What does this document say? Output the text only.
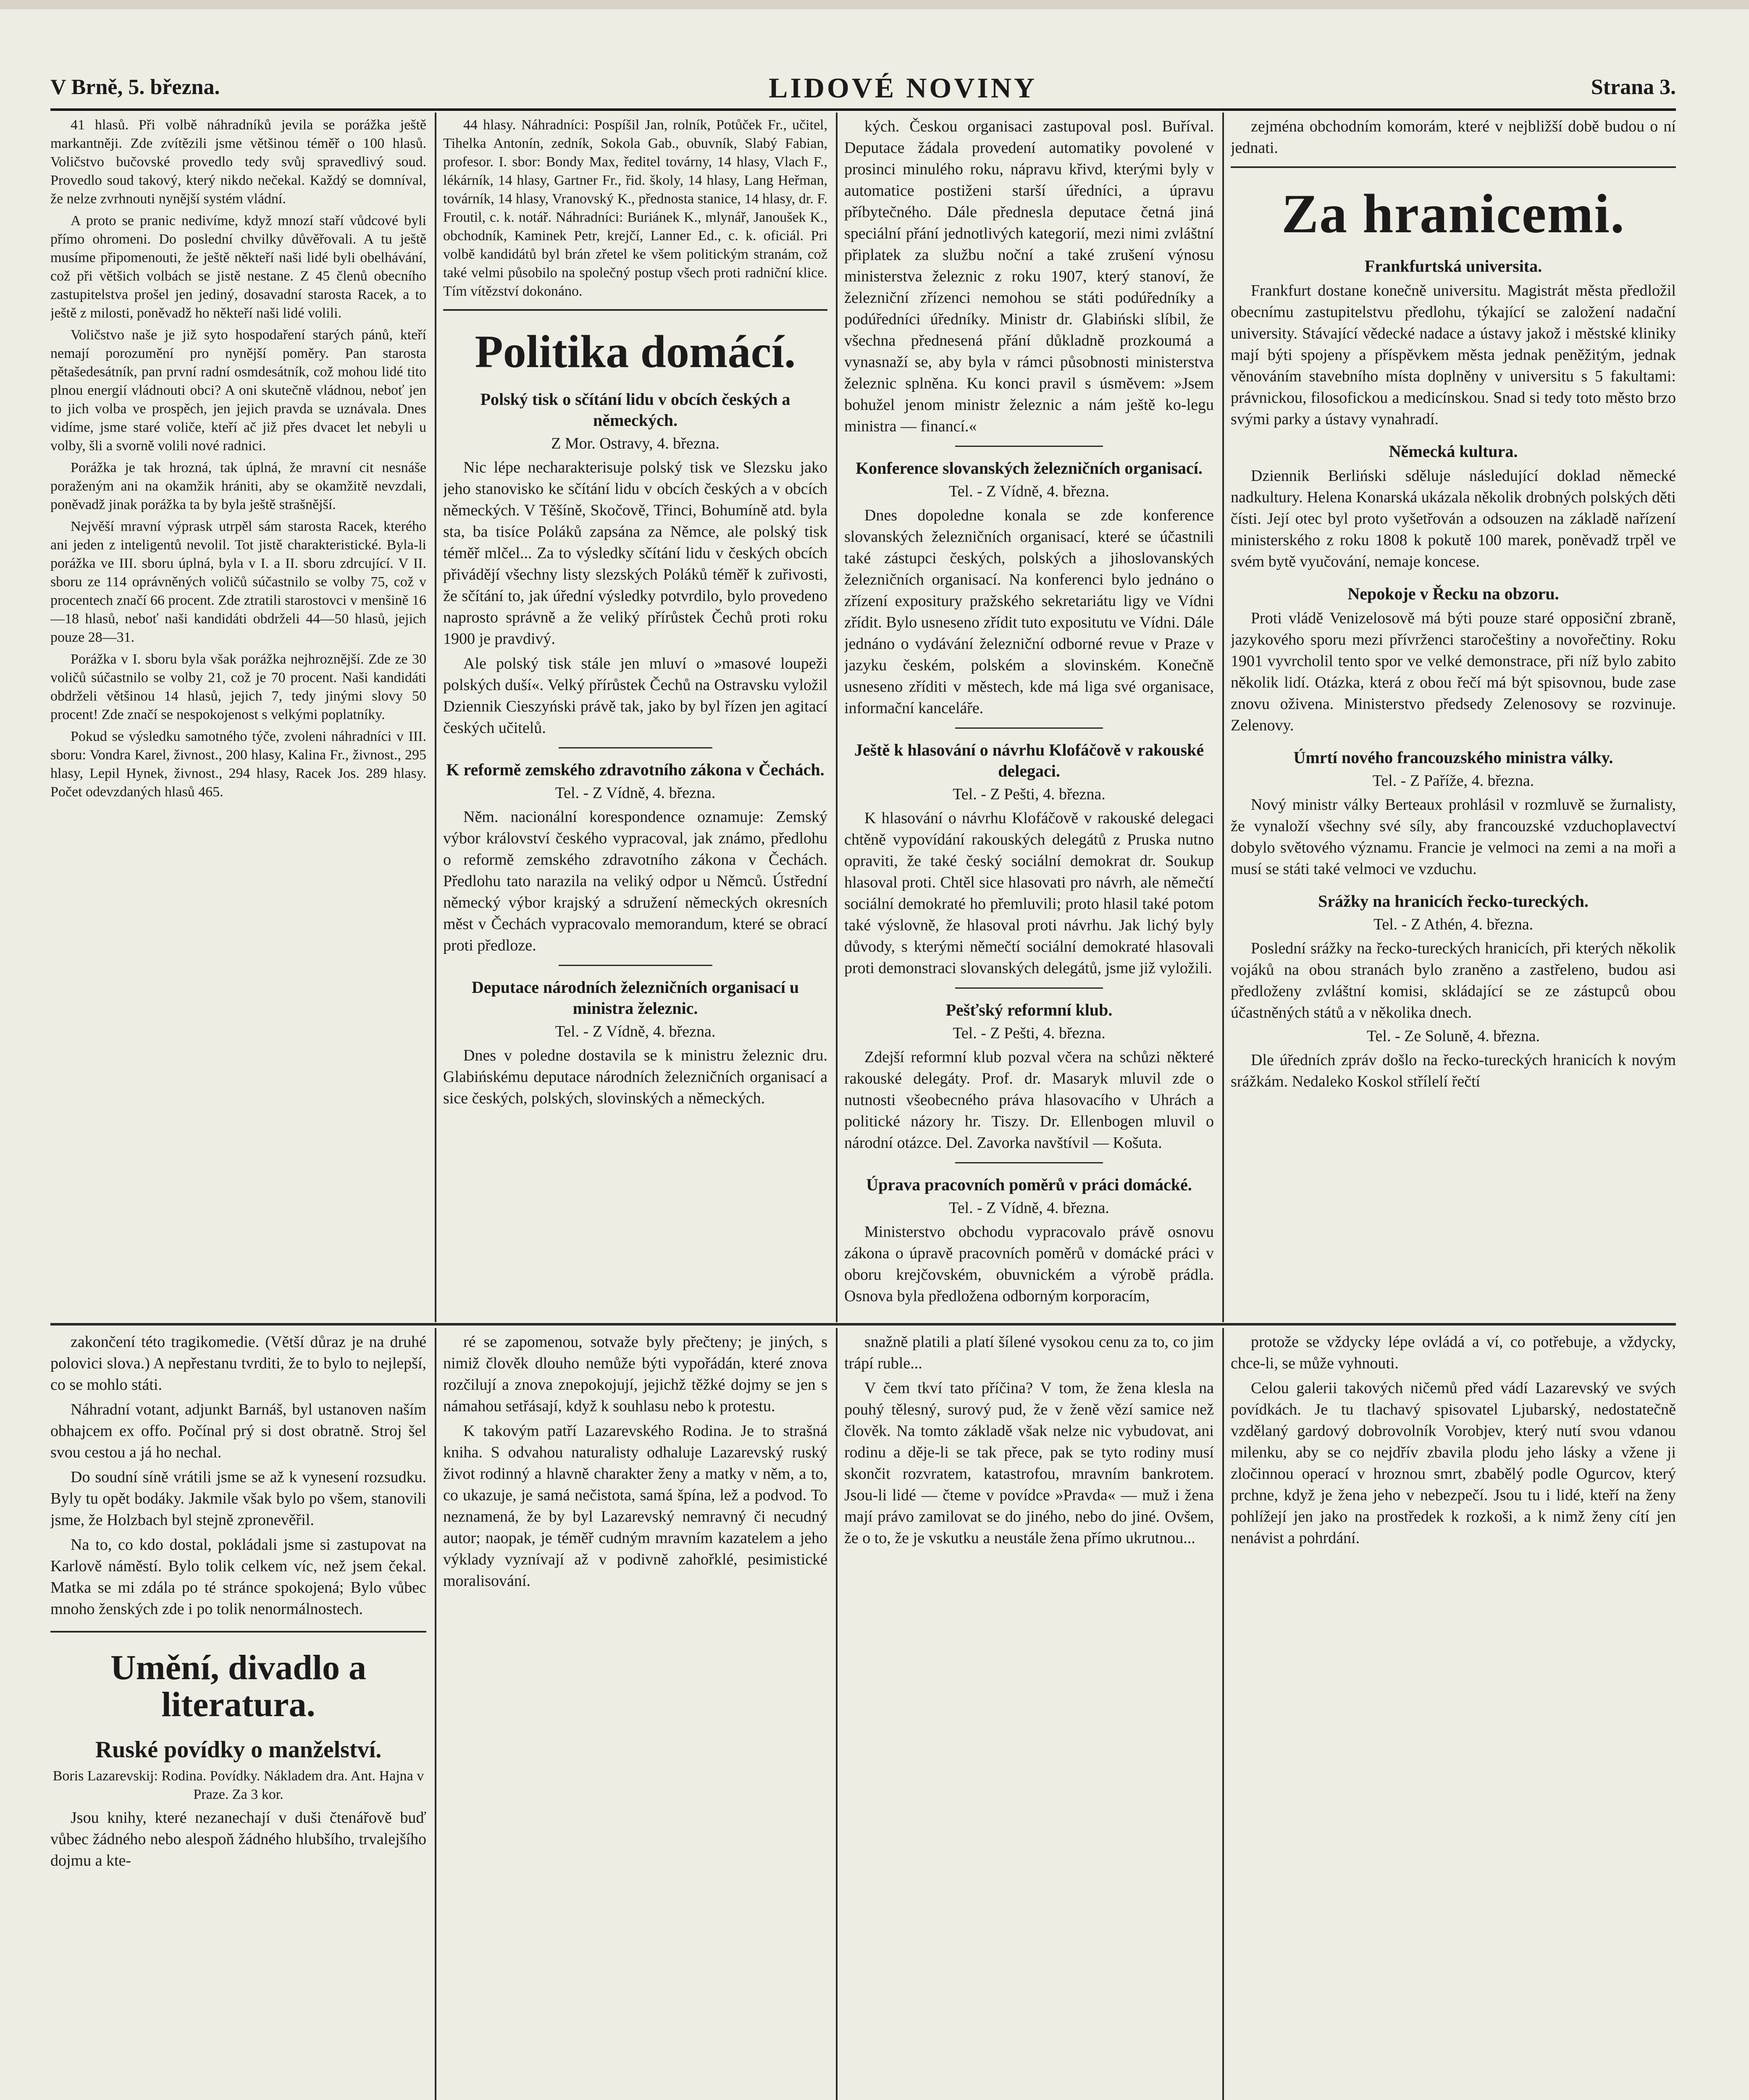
V Brně, 5. března.	LIDOVÉ NOVINY	Strana 3.

41 hlasů. Při volbě náhradníků jevila se porážka ještě markantněji. Zde zvítězili jsme většinou téměř o 100 hlasů. Voličstvo bučovské provedlo tedy svůj spravedlivý soud. Provedlo soud takový, který nikdo nečekal. Každý se domníval, že nelze zvrhnouti nynější systém vládní.

A proto se pranic nedivíme, když mnozí staří vůdcové byli přímo ohromeni. Do poslední chvilky důvěřovali. A tu ještě musíme připomenouti, že ještě někteří naši lidé byli obelhávání, což při většich volbách se jistě nestane. Z 45 členů obecního zastupitelstva prošel jen jediný, dosavadní starosta Racek, a to ještě z milosti, poněvadž ho někteří naši lidé volili.

Voličstvo naše je již syto hospodaření starých pánů, kteří nemají porozumění pro nynější poměry. Pan starosta pětašedesátník, pan první radní osmdesátník, což mohou lidé tito plnou energií vládnouti obci? A oni skutečně vládnou, neboť jen to jich volba ve prospěch, jen jejich pravda se uznávala. Dnes vidíme, jsme staré voliče, kteří ač již přes dvacet let nebyli u volby, šli a svorně volili nové radnici.

Porážka je tak hrozná, tak úplná, že mravní cit nesnáše poraženým ani na okamžik hrániti, aby se okamžitě nevzdali, poněvadž jinak porážka ta by byla ještě strašnější.

Nejvěší mravní výprask utrpěl sám starosta Racek, kterého ani jeden z inteligentů nevolil. Tot jistě charakteristické. Byla-li porážka ve III. sboru úplná, byla v I. a II. sboru zdrcující. V II. sboru ze 114 oprávněných voličů súčastnilo se volby 75, což v procentech značí 66 procent. Zde ztratili starostovci v menšině 16—18 hlasů, neboť naši kandidáti obdrželi 44—50 hlasů, jejich pouze 28—31.

Porážka v I. sboru byla však porážka nejhroznější. Zde ze 30 voličů súčastnilo se volby 21, což je 70 procent. Naši kandidáti obdrželi většinou 14 hlasů, jejich 7, tedy jinými slovy 50 procent! Zde značí se nespokojenost s velkými poplatníky.

Pokud se výsledku samotného týče, zvoleni náhradníci v III. sboru: Vondra Karel, živnost., 200 hlasy, Kalina Fr., živnost., 295 hlasy, Lepil Hynek, živnost., 294 hlasy, Racek Jos. 289 hlasy. Počet odevzdaných hlasů 465.

44 hlasy. Náhradníci: Pospíšil Jan, rolník, Potůček Fr., učitel, Tihelka Antonín, zedník, Sokola Gab., obuvník, Slabý Fabian, profesor. I. sbor: Bondy Max, ředitel továrny, 14 hlasy, Vlach F., lékárník, 14 hlasy, Gartner Fr., řid. školy, 14 hlasy, Lang Heřman, továrník, 14 hlasy, Vranovský K., přednosta stanice, 14 hlasy, dr. F. Froutil, c. k. notář. Náhradníci: Buriánek K., mlynář, Janoušek K., obchodník, Kaminek Petr, krejčí, Lanner Ed., c. k. oficiál. Pri volbě kandidátů byl brán zřetel ke všem politickým stranám, což také velmi působilo na společný postup všech proti radniční klice. Tím vítězství dokonáno.

Politika domácí.
Polský tisk o sčítání lidu v obcích českých a německých.
Z Mor. Ostravy, 4. března.

Nic lépe necharakterisuje polský tisk ve Slezsku jako jeho stanovisko ke sčítání lidu v obcích českých a v obcích německých. V Těšíně, Skočově, Třinci, Bohumíně atd. byla sta, ba tisíce Poláků zapsána za Němce, ale polský tisk téměř mlčel... Za to výsledky sčítání lidu v českých obcích přivádějí všechny listy slezských Poláků téměř k zuřivosti, že sčítání to, jak úřední výsledky potvrdilo, bylo provedeno naprosto správně a že veliký přírůstek Čechů proti roku 1900 je pravdivý.

Ale polský tisk stále jen mluví o »masové loupeži polských duší«. Velký přírůstek Čechů na Ostravsku vyložil Dziennik Cieszyński právě tak, jako by byl řízen jen agitací českých učitelů.

K reformě zemského zdravotního zákona v Čechách.
Tel. - Z Vídně, 4. března.

Něm. nacionální korespondence oznamuje: Zemský výbor království českého vypracoval, jak známo, předlohu o reformě zemského zdravotního zákona v Čechách. Předlohu tato narazila na veliký odpor u Němců. Ústřední německý výbor krajský a sdružení německých okresních měst v Čechách vypracovalo memorandum, které se obrací proti předloze.

Deputace národních železničních organisací u ministra železnic.
Tel. - Z Vídně, 4. března.

Dnes v poledne dostavila se k ministru železnic dru. Glabińskému deputace národních železničních organisací a sice českých, polských, slovinských a německých.

kých. Českou organisaci zastupoval posl. Buříval. Deputace žádala provedení automatiky povolené v prosinci minulého roku, nápravu křivd, kterými byly v automatice postiženi starší úředníci, a úpravu příbytečného. Dále přednesla deputace četná jiná speciální přání jednotlivých kategorií, mezi nimi zvláštní připlatek za službu noční a také zrušení výnosu ministerstva železnic z roku 1907, který stanoví, že železniční zřízenci nemohou se státi podúředníky a podúředníci úředníky. Ministr dr. Glabiński slíbil, že všechna přednesená přání důkladně prozkoumá a vynasnaží se, aby byla v rámci působnosti ministerstva železnic splněna. Ku konci pravil s úsměvem: »Jsem bohužel jenom ministr železnic a nám ještě ko-legu ministra — financí.«

Konference slovanských železničních organisací.
Tel. - Z Vídně, 4. března.

Dnes dopoledne konala se zde konference slovanských železničních organisací, které se účastnili také zástupci českých, polských a jihoslovanských železničních organisací. Na konferenci bylo jednáno o zřízení expositury pražského sekretariátu ligy ve Vídni zřídit. Bylo usneseno zřídit tuto expositutu ve Vídni. Dále jednáno o vydávání železniční odborné revue v Praze v jazyku českém, polském a slovinském. Konečně usneseno zříditi v městech, kde má liga své organisace, informační kanceláře.

Ještě k hlasování o návrhu Klofáčově v rakouské delegaci.
Tel. - Z Pešti, 4. března.

K hlasování o návrhu Klofáčově v rakouské delegaci chtěně vypovídání rakouských delegátů z Pruska nutno opraviti, že také český sociální demokrat dr. Soukup hlasoval proti. Chtěl sice hlasovati pro návrh, ale němečtí sociální demokraté ho přemluvili; proto hlasil také potom také výslovně, že hlasoval proti návrhu. Jak lichý byly důvody, s kterými němečtí sociální demokraté hlasovali proti demonstraci slovanských delegátů, jsme již vyložili.

Pešťský reformní klub.
Tel. - Z Pešti, 4. března.

Zdejší reformní klub pozval včera na schůzi některé rakouské delegáty. Prof. dr. Masaryk mluvil zde o nutnosti všeobecného práva hlasovacího v Uhrách a politické názory hr. Tiszy. Dr. Ellenbogen mluvil o národní otázce. Del. Zavorka navštívil — Košuta.

Úprava pracovních poměrů v práci domácké.
Tel. - Z Vídně, 4. března.

Ministerstvo obchodu vypracovalo právě osnovu zákona o úpravě pracovních poměrů v domácké práci v oboru krejčovském, obuvnickém a výrobě prádla. Osnova byla předložena odborným korporacím,

zejména obchodním komorám, které v nejbližší době budou o ní jednati.

Za hranicemi.
Frankfurtská universita.

Frankfurt dostane konečně universitu. Magistrát města předložil obecnímu zastupitelstvu předlohu, týkající se založení nadační university. Stávající vědecké nadace a ústavy jakož i městské kliniky mají býti spojeny a příspěvkem města jednak peněžitým, jednak věnováním stavebního místa doplněny v universitu s 5 fakultami: právnickou, filosofickou a medicínskou. Snad si tedy toto město brzo svými parky a ústavy vynahradí.

Německá kultura.

Dziennik Berliński sděluje následující doklad německé nadkultury. Helena Konarská ukázala několik drobných polských děti čísti. Její otec byl proto vyšetřován a odsouzen na základě nařízení ministerského z roku 1808 k pokutě 100 marek, poněvadž trpěl ve svém bytě vyučování, nemaje koncese.

Nepokoje v Řecku na obzoru.

Proti vládě Venizelosově má býti pouze staré opposiční zbraně, jazykového sporu mezi přívrženci staročeštiny a novořečtiny. Roku 1901 vyvrcholil tento spor ve velké demonstrace, při níž bylo zabito několik lidí. Otázka, která z obou řečí má být spisovnou, bude zase znovu oživena. Ministerstvo předsedy Zelenosovy se rozvinuje. Zelenovy.

Úmrtí nového francouzského ministra války.
Tel. - Z Paříže, 4. března.

Nový ministr války Berteaux prohlásil v rozmluvě se žurnalisty, že vynaloží všechny své síly, aby francouzské vzduchoplavectví dobylo světového významu. Francie je velmoci na zemi a na moři a musí se státi také velmoci ve vzduchu.

Srážky na hranicích řecko-tureckých.
Tel. - Z Athén, 4. března.

Poslední srážky na řecko-tureckých hranicích, při kterých několik vojáků na obou stranách bylo zraněno a zastřeleno, budou asi předloženy zvláštní komisi, skládající se ze zástupců obou účastněných států a v několika dnech.

Tel. - Ze Soluně, 4. března.

Dle úředních zpráv došlo na řecko-tureckých hranicích k novým srážkám. Nedaleko Koskol střílelí řečtí

zakončení této tragikomedie. (Větší důraz je na druhé polovici slova.) A nepřestanu tvrditi, že to bylo to nejlepší, co se mohlo státi.

Náhradní votant, adjunkt Barnáš, byl ustanoven naším obhajcem ex offo. Počínal prý si dost obratně. Stroj šel svou cestou a já ho nechal.

Do soudní síně vrátili jsme se až k vynesení rozsudku. Byly tu opět bodáky. Jakmile však bylo po všem, stanovili jsme, že Holzbach byl stejně zpronevěřil.

Na to, co kdo dostal, pokládali jsme si zastupovat na Karlově náměstí. Bylo tolik celkem víc, než jsem čekal. Matka se mi zdála po té stránce spokojená; Bylo vůbec mnoho ženských zde i po tolik nenormálnostech.

Umění, divadlo a literatura.
Ruské povídky o manželství.

Boris Lazarevskij: Rodina. Povídky. Nákladem dra. Ant. Hajna v Praze. Za 3 kor.

Jsou knihy, které nezanechají v duši čtenářově buď vůbec žádného nebo alespoň žádného hlubšího, trvalejšího dojmu a kte-

ré se zapomenou, sotvaže byly přečteny; je jiných, s nimiž člověk dlouho nemůže býti vypořádán, které znova rozčilují a znova znepokojují, jejichž těžké dojmy se jen s námahou setřásají, když k souhlasu nebo k protestu.

K takovým patří Lazarevského Rodina. Je to strašná kniha. S odvahou naturalisty odhaluje Lazarevský ruský život rodinný a hlavně charakter ženy a matky v něm, a to, co ukazuje, je samá nečistota, samá špína, lež a podvod. To neznamená, že by byl Lazarevský nemravný či necudný autor; naopak, je téměř cudným mravním kazatelem a jeho výklady vyznívají až v podivně zahořklé, pesimistické moralisování.

snažně platili a platí šílené vysokou cenu za to, co jim trápí ruble...

V čem tkví tato příčina? V tom, že žena klesla na pouhý tělesný, surový pud, že v ženě vězí samice než člověk. Na tomto základě však nelze nic vybudovat, ani rodinu a děje-li se tak přece, pak se tyto rodiny musí skončit rozvratem, katastrofou, mravním bankrotem. Jsou-li lidé — čteme v povídce »Pravda« — muž i žena mají právo zamilovat se do jiného, nebo do jiné. Ovšem, že o to, že je vskutku a neustále žena přímo ukrutnou...

protože se vždycky lépe ovládá a ví, co potřebuje, a vždycky, chce-li, se může vyhnouti.

Celou galerii takových ničemů před vádí Lazarevský ve svých povídkách. Je tu tlachavý spisovatel Ljubarský, nedostatečně vzdělaný gardový dobrovolník Vorobjev, který nutí svou vdanou milenku, aby se co nejdřív zbavila plodu jeho lásky a vžene ji zločinnou operací v hroznou smrt, zbabělý podle Ogurcov, který prchne, když je žena jeho v nebezpečí. Jsou tu i lidé, kteří na ženy pohlížejí jen jako na prostředek k rozkoši, a k nimž ženy cítí jen nenávist a pohrdání.
